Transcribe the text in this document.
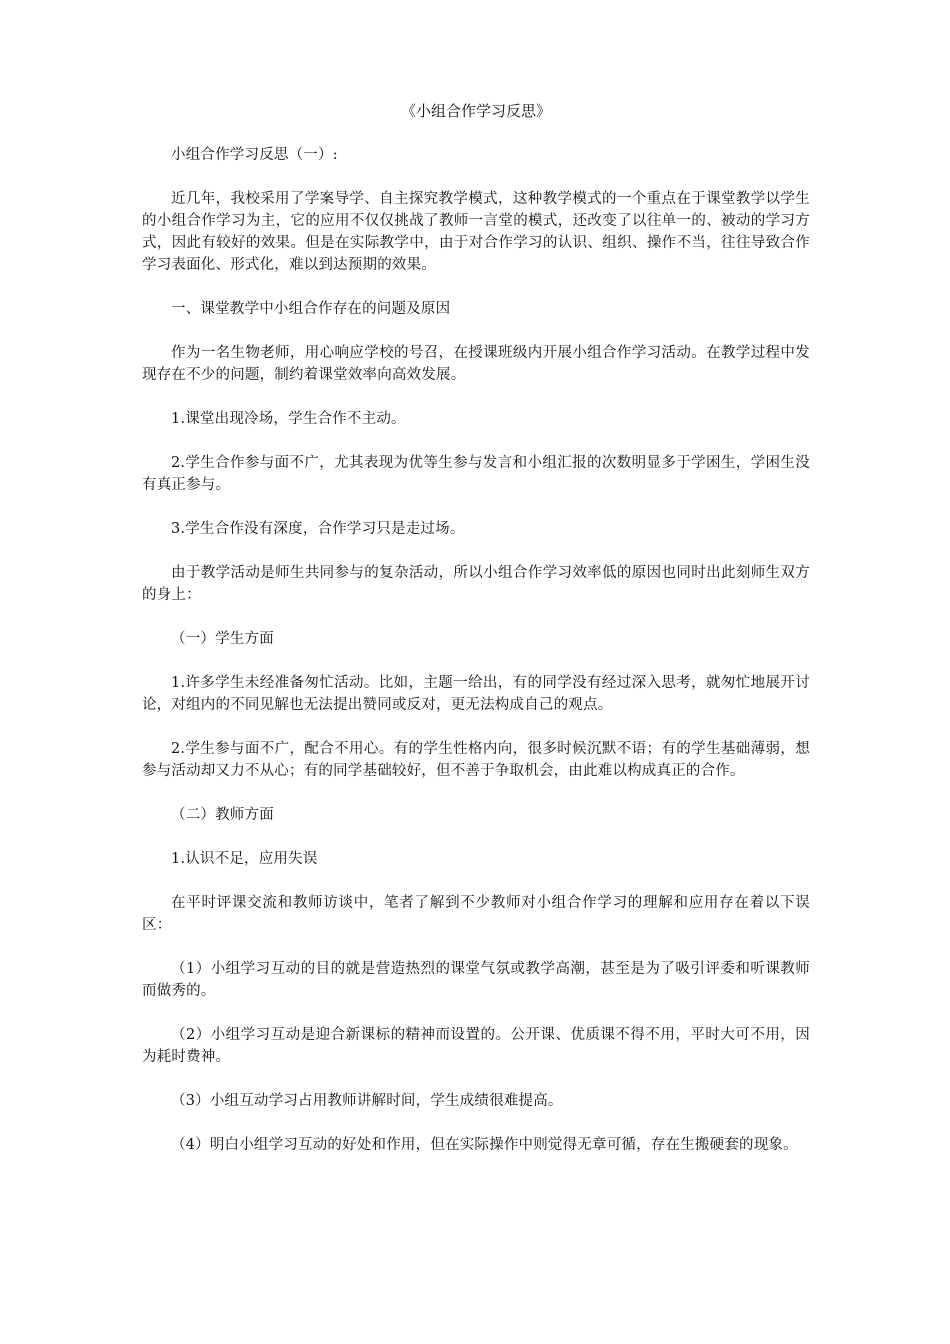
《小组合作学习反思》

小组合作学习反思（一）:

近几年，我校采用了学案导学、自主探究教学模式，这种教学模式的一个重点在于课堂教学以学生的小组合作学习为主，它的应用不仅仅挑战了教师一言堂的模式，还改变了以往单一的、被动的学习方式，因此有较好的效果。但是在实际教学中，由于对合作学习的认识、组织、操作不当，往往导致合作学习表面化、形式化，难以到达预期的效果。

一、课堂教学中小组合作存在的问题及原因

作为一名生物老师，用心响应学校的号召，在授课班级内开展小组合作学习活动。在教学过程中发现存在不少的问题，制约着课堂效率向高效发展。

1.课堂出现冷场，学生合作不主动。

2.学生合作参与面不广，尤其表现为优等生参与发言和小组汇报的次数明显多于学困生，学困生没有真正参与。

3.学生合作没有深度，合作学习只是走过场。

由于教学活动是师生共同参与的复杂活动，所以小组合作学习效率低的原因也同时出此刻师生双方的身上：

（一）学生方面

1.许多学生未经准备匆忙活动。比如，主题一给出，有的同学没有经过深入思考，就匆忙地展开讨论，对组内的不同见解也无法提出赞同或反对，更无法构成自己的观点。

2.学生参与面不广，配合不用心。有的学生性格内向，很多时候沉默不语；有的学生基础薄弱，想参与活动却又力不从心；有的同学基础较好，但不善于争取机会，由此难以构成真正的合作。

（二）教师方面

1.认识不足，应用失误

在平时评课交流和教师访谈中，笔者了解到不少教师对小组合作学习的理解和应用存在着以下误区：

（1）小组学习互动的目的就是营造热烈的课堂气氛或教学高潮，甚至是为了吸引评委和听课教师而做秀的。

（2）小组学习互动是迎合新课标的精神而设置的。公开课、优质课不得不用，平时大可不用，因为耗时费神。

（3）小组互动学习占用教师讲解时间，学生成绩很难提高。

（4）明白小组学习互动的好处和作用，但在实际操作中则觉得无章可循，存在生搬硬套的现象。
